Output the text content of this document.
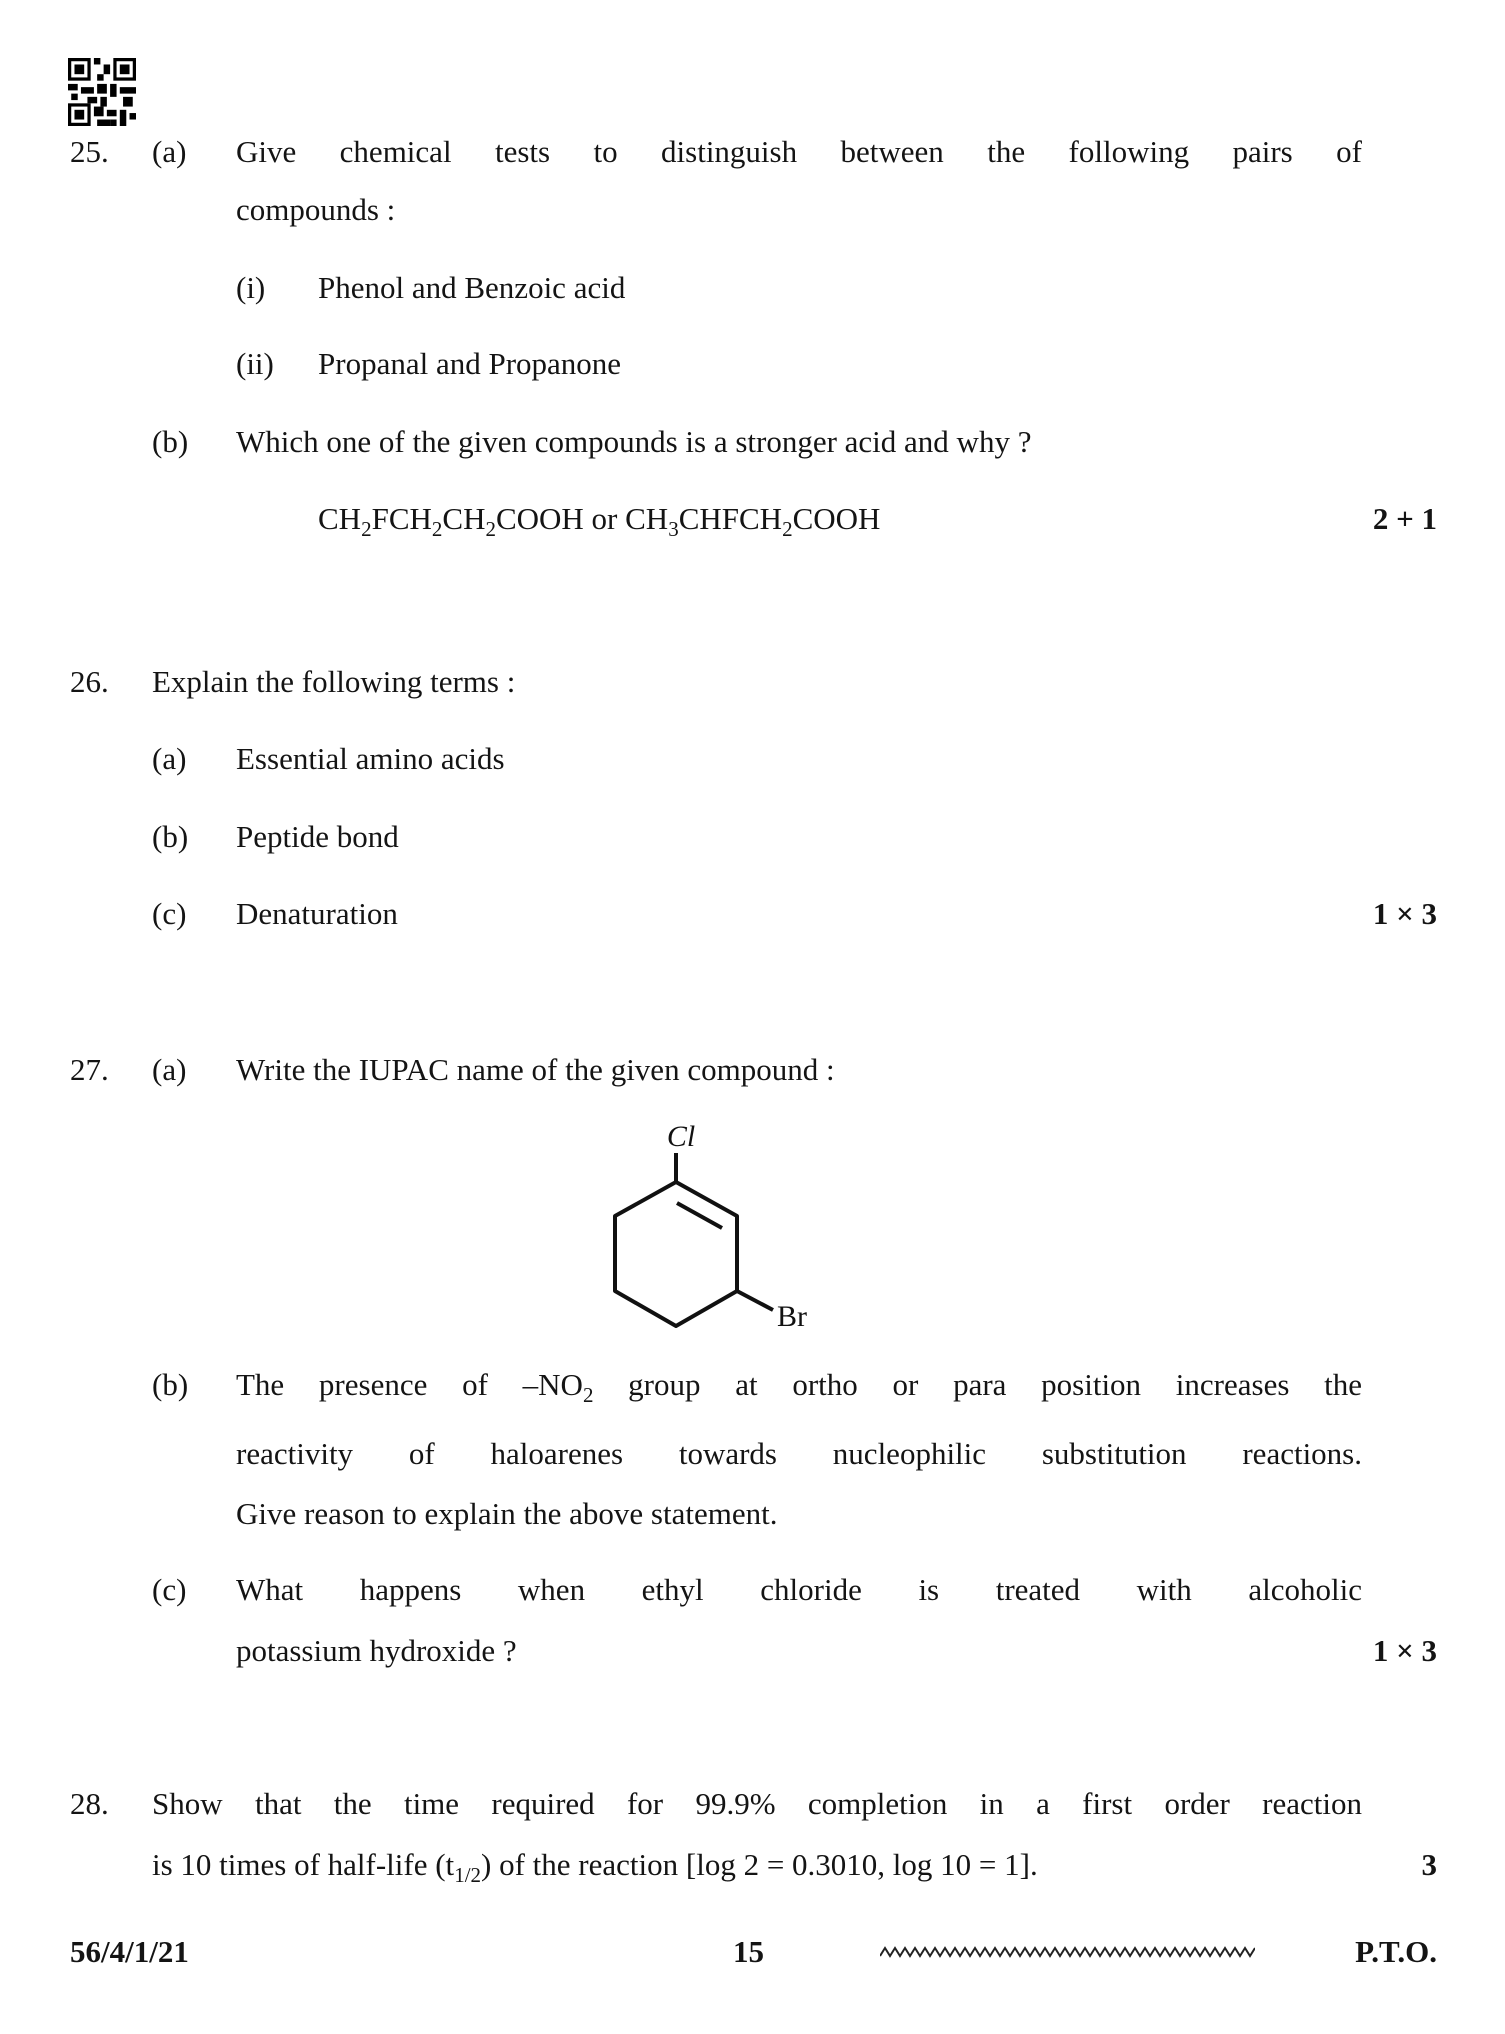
25. (a) Give chemical tests to distinguish between the following pairs of
compounds :
(i) Phenol and Benzoic acid
(ii) Propanal and Propanone
(b) Which one of the given compounds is a stronger acid and why ?
$CH_2FCH_2CH_2COOH$ or $CH_3CHFCH_2COOH$	2 + 1
26. Explain the following terms :
(a) Essential amino acids
(b) Peptide bond
(c) Denaturation	1 × 3
27. (a) Write the IUPAC name of the given compound :
Cl
Br
(b) The presence of $-NO_2$ group at ortho or para position increases the
reactivity of haloarenes towards nucleophilic substitution reactions.
Give reason to explain the above statement.
(c) What happens when ethyl chloride is treated with alcoholic
potassium hydroxide ?	1 × 3
28. Show that the time required for 99.9% completion in a first order reaction
is 10 times of half-life $(t_{1/2})$ of the reaction [log 2 = 0.3010, log 10 = 1].	3
56/4/1/21	15	P.T.O.
